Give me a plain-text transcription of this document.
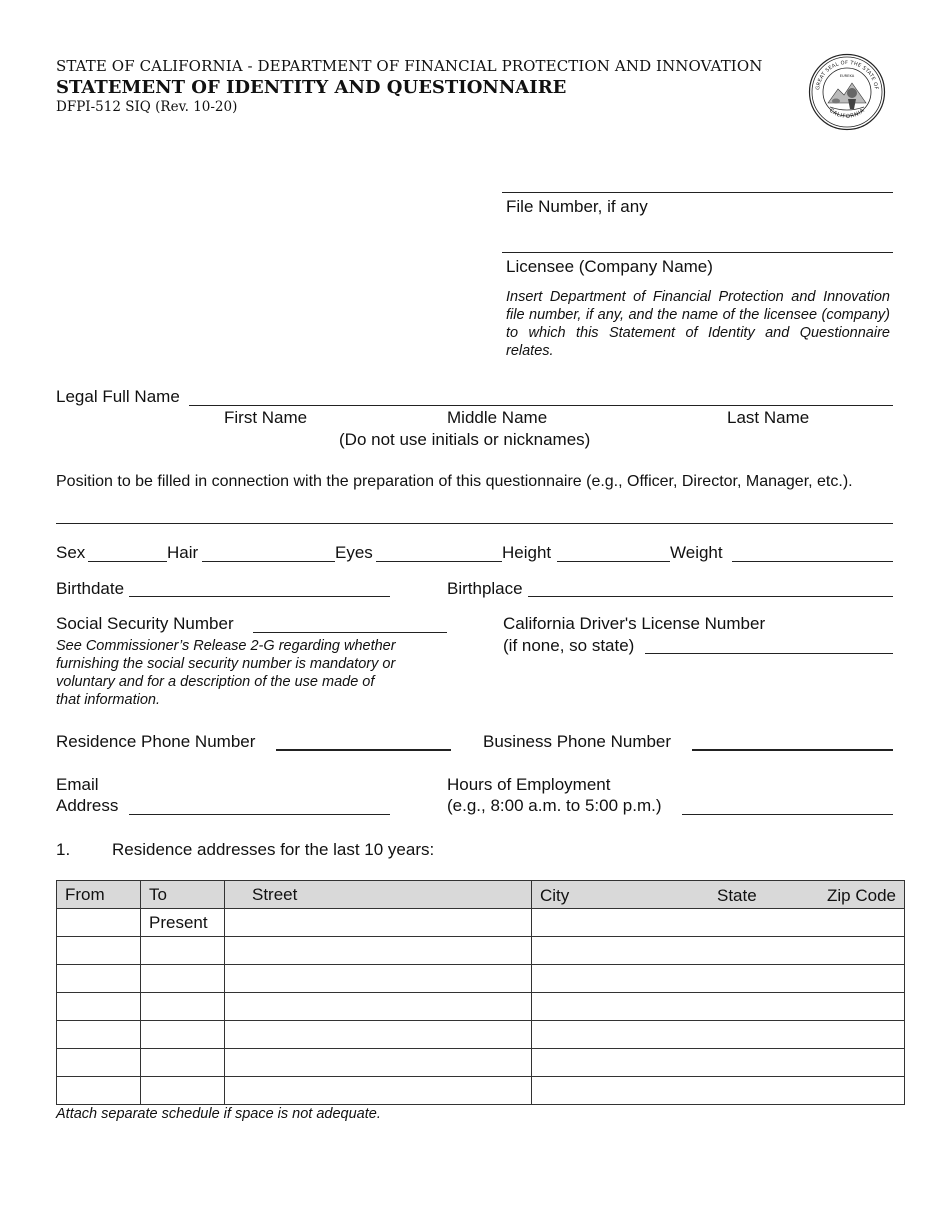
STATE OF CALIFORNIA - DEPARTMENT OF FINANCIAL PROTECTION AND INNOVATION
STATEMENT OF IDENTITY AND QUESTIONNAIRE
DFPI-512 SIQ (Rev. 10-20)
GREAT SEAL OF THE STATE OF
CALIFORNIA
EUREKA
File Number, if any
Licensee (Company Name)
Insert Department of Financial Protection and Innovation file number, if any, and the name of the licensee (company) to which this Statement of Identity and Questionnaire relates.
Legal Full Name
First Name	Middle Name	Last Name
(Do not use initials or nicknames)
Position to be filled in connection with the preparation of this questionnaire (e.g., Officer, Director, Manager, etc.).
Sex	Hair	Eyes	Height	Weight
Birthdate	Birthplace
Social Security Number
See Commissioner’s Release 2-G regarding whether furnishing the social security number is mandatory or voluntary and for a description of the use made of that information.
California Driver's License Number
(if none, so state)
Residence Phone Number	Business Phone Number
Email
Address
Hours of Employment
(e.g., 8:00 a.m. to 5:00 p.m.)
1. Residence addresses for the last 10 years:
From	To	Street	City State Zip Code

	Present		

Attach separate schedule if space is not adequate.
